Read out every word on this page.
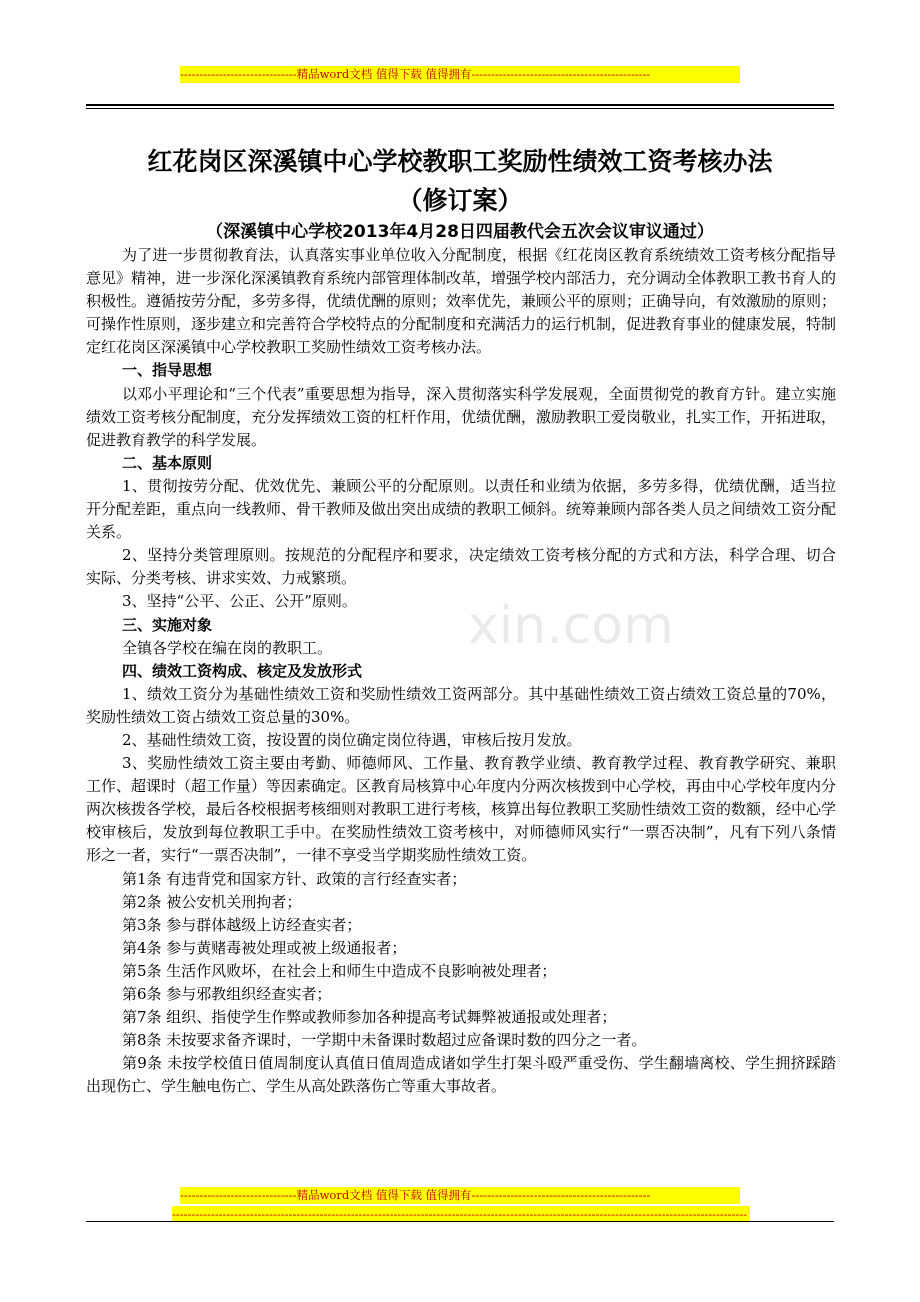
------------------------------精品word文档 值得下载 值得拥有----------------------------------------------
红花岗区深溪镇中心学校教职工奖励性绩效工资考核办法
（修订案）
（深溪镇中心学校2013年4月28日四届教代会五次会议审议通过）

为了进一步贯彻教育法，认真落实事业单位收入分配制度，根据《红花岗区教育系统绩效工资考核分配指导意见》精神，进一步深化深溪镇教育系统内部管理体制改革，增强学校内部活力，充分调动全体教职工教书育人的积极性。遵循按劳分配，多劳多得，优绩优酬的原则；效率优先，兼顾公平的原则；正确导向，有效激励的原则；可操作性原则，逐步建立和完善符合学校特点的分配制度和充满活力的运行机制，促进教育事业的健康发展，特制定红花岗区深溪镇中心学校教职工奖励性绩效工资考核办法。

一、指导思想

以邓小平理论和“三个代表”重要思想为指导，深入贯彻落实科学发展观，全面贯彻党的教育方针。建立实施绩效工资考核分配制度，充分发挥绩效工资的杠杆作用，优绩优酬，激励教职工爱岗敬业，扎实工作，开拓进取，促进教育教学的科学发展。

二、基本原则

1、贯彻按劳分配、优效优先、兼顾公平的分配原则。以责任和业绩为依据，多劳多得，优绩优酬，适当拉开分配差距，重点向一线教师、骨干教师及做出突出成绩的教职工倾斜。统筹兼顾内部各类人员之间绩效工资分配关系。

2、坚持分类管理原则。按规范的分配程序和要求，决定绩效工资考核分配的方式和方法，科学合理、切合实际、分类考核、讲求实效、力戒繁琐。

3、坚持“公平、公正、公开”原则。

三、实施对象

全镇各学校在编在岗的教职工。

四、绩效工资构成、核定及发放形式

1、绩效工资分为基础性绩效工资和奖励性绩效工资两部分。其中基础性绩效工资占绩效工资总量的70%，奖励性绩效工资占绩效工资总量的30%。

2、基础性绩效工资，按设置的岗位确定岗位待遇，审核后按月发放。

3、奖励性绩效工资主要由考勤、师德师风、工作量、教育教学业绩、教育教学过程、教育教学研究、兼职工作、超课时（超工作量）等因素确定。区教育局核算中心年度内分两次核拨到中心学校，再由中心学校年度内分两次核拨各学校，最后各校根据考核细则对教职工进行考核，核算出每位教职工奖励性绩效工资的数额，经中心学校审核后，发放到每位教职工手中。在奖励性绩效工资考核中，对师德师风实行“一票否决制”，凡有下列八条情形之一者，实行“一票否决制”，一律不享受当学期奖励性绩效工资。

第1条 有违背党和国家方针、政策的言行经查实者；

第2条 被公安机关刑拘者；

第3条 参与群体越级上访经查实者；

第4条 参与黄赌毒被处理或被上级通报者；

第5条 生活作风败坏，在社会上和师生中造成不良影响被处理者；

第6条 参与邪教组织经查实者；

第7条 组织、指使学生作弊或教师参加各种提高考试舞弊被通报或处理者；

第8条 未按要求备齐课时，一学期中未备课时数超过应备课时数的四分之一者。

第9条 未按学校值日值周制度认真值日值周造成诸如学生打架斗殴严重受伤、学生翻墙离校、学生拥挤踩踏出现伤亡、学生触电伤亡、学生从高处跌落伤亡等重大事故者。

xin.com
------------------------------精品word文档 值得下载 值得拥有----------------------------------------------
----------------------------------------------------------------------------------------------------------------------------------------------------
